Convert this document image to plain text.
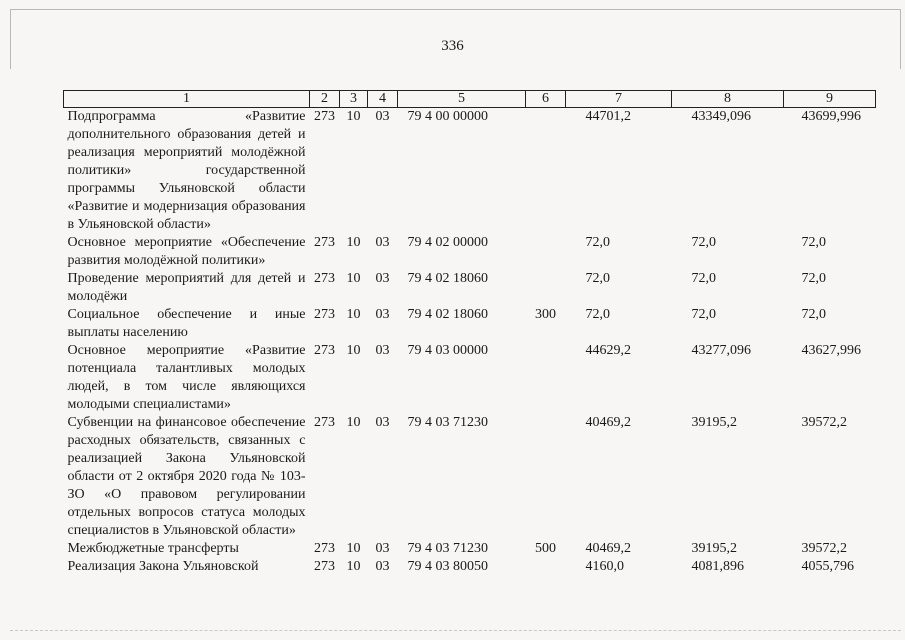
336
1	2	3	4	5	6	7	8	9
Подпрограмма «Развитие дополнительного образования детей и реализация мероприятий молодёжной политики» государственной программы Ульяновской области «Развитие и модернизация образования в Ульяновской области»	273	10	03	79 4 00 00000		44701,2	43349,096	43699,996
Основное мероприятие «Обеспечение развития молодёжной политики»	273	10	03	79 4 02 00000		72,0	72,0	72,0
Проведение мероприятий для детей и молодёжи	273	10	03	79 4 02 18060		72,0	72,0	72,0
Социальное обеспечение и иные выплаты населению	273	10	03	79 4 02 18060	300	72,0	72,0	72,0
Основное мероприятие «Развитие потенциала талантливых молодых людей, в том числе являющихся молодыми специалистами»	273	10	03	79 4 03 00000		44629,2	43277,096	43627,996
Субвенции на финансовое обеспечение расходных обязательств, связанных с реализацией Закона Ульяновской области от 2 октября 2020 года № 103-ЗО «О правовом регулировании отдельных вопросов статуса молодых специалистов в Ульяновской области»	273	10	03	79 4 03 71230		40469,2	39195,2	39572,2
Межбюджетные трансферты	273	10	03	79 4 03 71230	500	40469,2	39195,2	39572,2
Реализация Закона Ульяновской	273	10	03	79 4 03 80050		4160,0	4081,896	4055,796
